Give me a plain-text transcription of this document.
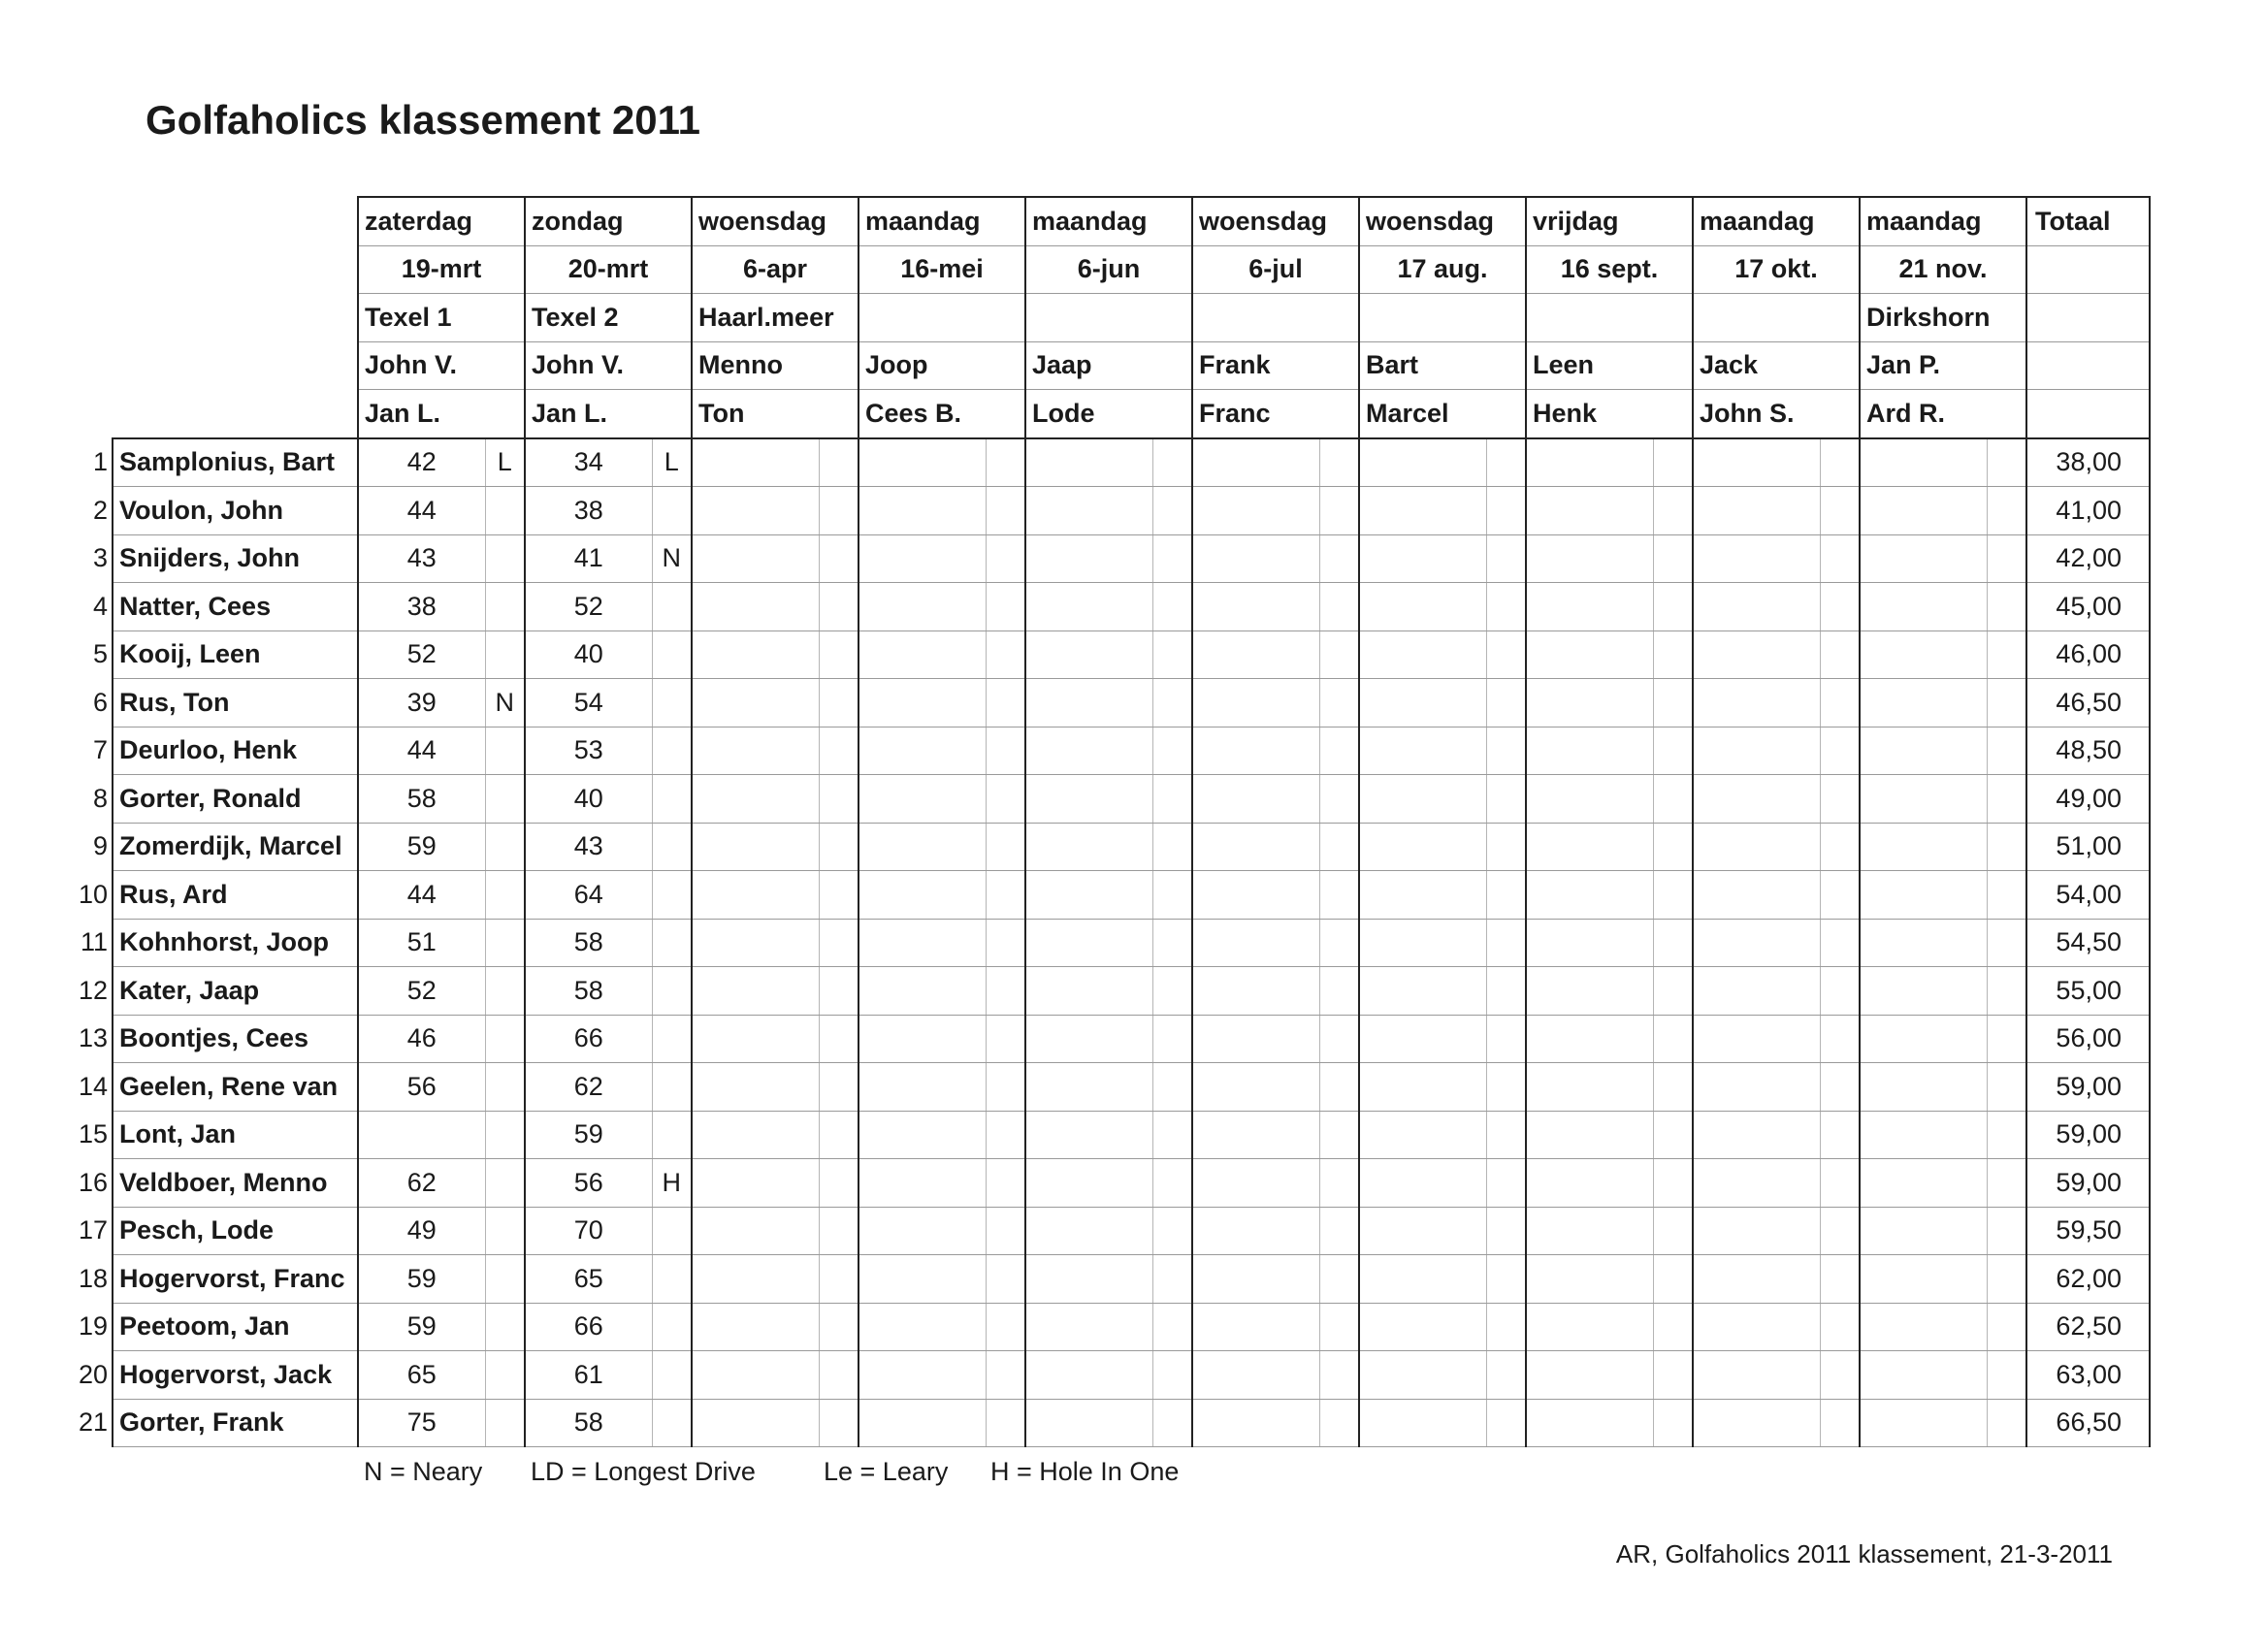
Golfaholics klassement 2011
		zaterdag		zondag		woensdag		maandag		maandag		woensdag		woensdag		vrijdag		maandag		maandag		Totaal
		19-mrt		20-mrt		6-apr		16-mei		6-jun		6-jul		17 aug.		16 sept.		17 okt.		21 nov.		
		Texel 1		Texel 2		Haarl.meer														Dirkshorn		
		John V.		John V.		Menno		Joop		Jaap		Frank		Bart		Leen		Jack		Jan P.		
		Jan L.		Jan L.		Ton		Cees B.		Lode		Franc		Marcel		Henk		John S.		Ard R.		
1	Samplonius, Bart	42	L	34	L																	38,00
2	Voulon, John	44		38																		41,00
3	Snijders, John	43		41	N																	42,00
4	Natter, Cees	38		52																		45,00
5	Kooij, Leen	52		40																		46,00
6	Rus, Ton	39	N	54																		46,50
7	Deurloo, Henk	44		53																		48,50
8	Gorter, Ronald	58		40																		49,00
9	Zomerdijk, Marcel	59		43																		51,00
10	Rus, Ard	44		64																		54,00
11	Kohnhorst, Joop	51		58																		54,50
12	Kater, Jaap	52		58																		55,00
13	Boontjes, Cees	46		66																		56,00
14	Geelen, Rene van	56		62																		59,00
15	Lont, Jan			59																		59,00
16	Veldboer, Menno	62		56	H																	59,00
17	Pesch, Lode	49		70																		59,50
18	Hogervorst, Franc	59		65																		62,00
19	Peetoom, Jan	59		66																		62,50
20	Hogervorst, Jack	65		61																		63,00
21	Gorter, Frank	75		58																		66,50
N = Neary LD = Longest Drive	Le = Leary H = Hole In One
AR, Golfaholics 2011 klassement, 21-3-2011
